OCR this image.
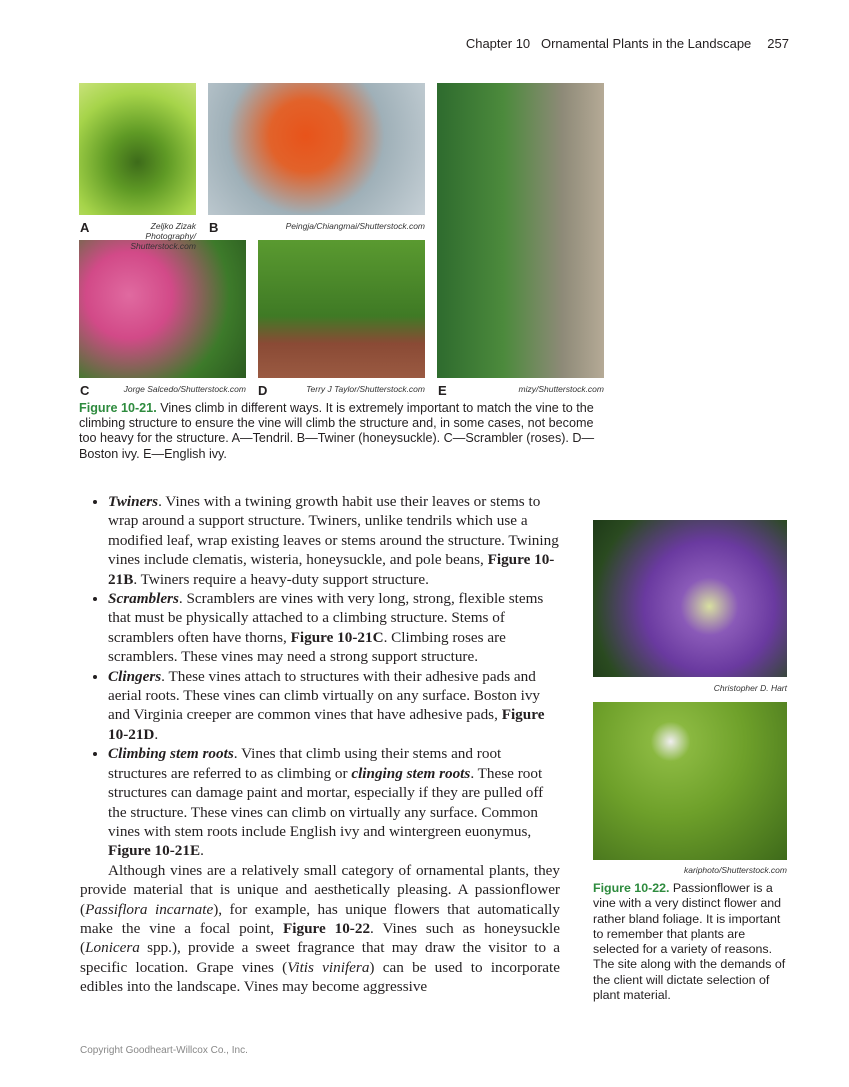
Chapter 10   Ornamental Plants in the Landscape 257
A	Zeljko Zizak Photography/ Shutterstock.com
B	Peingja/Chiangmai/Shutterstock.com
C	Jorge Salcedo/Shutterstock.com D	Terry J Taylor/Shutterstock.com E	mizy/Shutterstock.com
Figure 10-21. Vines climb in different ways. It is extremely important to match the vine to the climbing structure to ensure the vine will climb the structure and, in some cases, not become too heavy for the structure. A—Tendril. B—Twiner (honeysuckle). C—Scrambler (roses). D—Boston ivy. E—English ivy.
• Twiners. Vines with a twining growth habit use their leaves or stems to wrap around a support structure. Twiners, unlike tendrils which use a modified leaf, wrap existing leaves or stems around the structure. Twining vines include clematis, wisteria, honeysuckle, and pole beans, Figure 10-21B. Twiners require a heavy-duty support structure.
• Scramblers. Scramblers are vines with very long, strong, flexible stems that must be physically attached to a climbing structure. Stems of scramblers often have thorns, Figure 10-21C. Climbing roses are scramblers. These vines may need a strong support structure.
• Clingers. These vines attach to structures with their adhesive pads and aerial roots. These vines can climb virtually on any surface. Boston ivy and Virginia creeper are common vines that have adhesive pads, Figure 10-21D.
• Climbing stem roots. Vines that climb using their stems and root structures are referred to as climbing or clinging stem roots. These root structures can damage paint and mortar, especially if they are pulled off the structure. These vines can climb on virtually any surface. Common vines with stem roots include English ivy and wintergreen euonymus, Figure 10-21E.

Although vines are a relatively small category of ornamental plants, they provide material that is unique and aesthetically pleasing. A passionflower (Passiflora incarnate), for example, has unique flowers that automatically make the vine a focal point, Figure 10-22. Vines such as honeysuckle (Lonicera spp.), provide a sweet fragrance that may draw the visitor to a specific location. Grape vines (Vitis vinifera) can be used to incorporate edibles into the landscape. Vines may become aggressive

Christopher D. Hart
kariphoto/Shutterstock.com
Figure 10-22. Passionflower is a vine with a very distinct flower and rather bland foliage. It is important to remember that plants are selected for a variety of reasons. The site along with the demands of the client will dictate selection of plant material.
Copyright Goodheart-Willcox Co., Inc.
